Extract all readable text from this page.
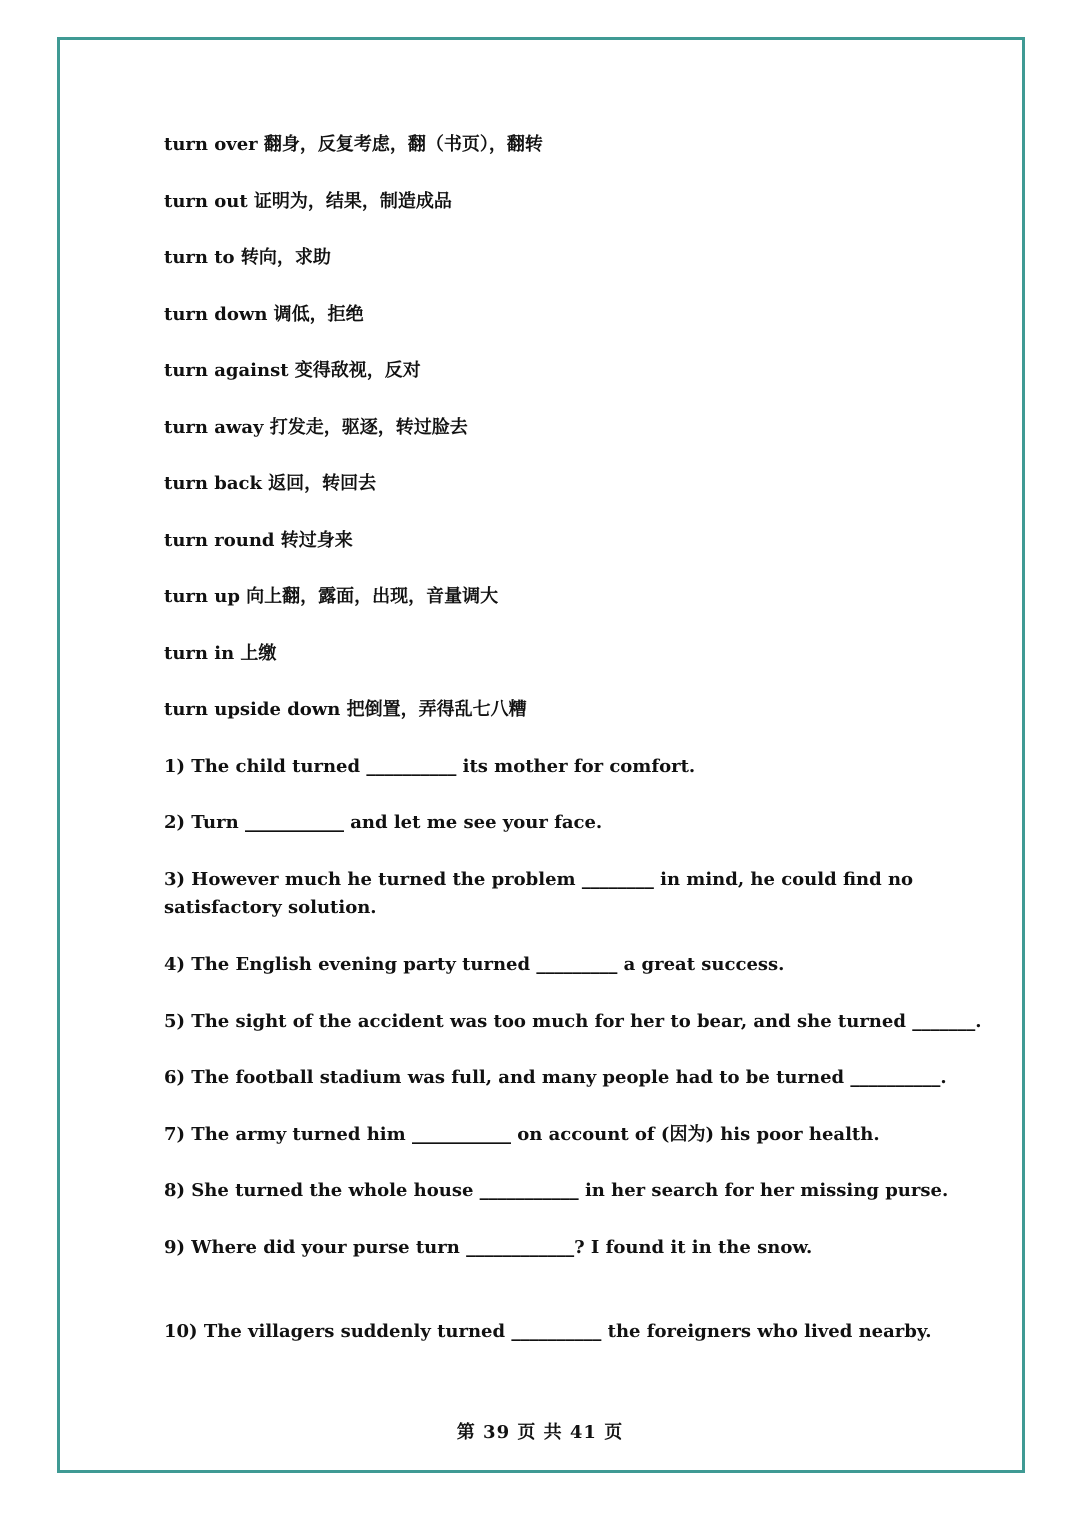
turn over 翻身，反复考虑，翻（书页），翻转
turn out 证明为，结果，制造成品
turn to 转向，求助
turn down 调低，拒绝
turn against 变得敌视，反对
turn away 打发走，驱逐，转过脸去
turn back 返回，转回去
turn round 转过身来
turn up 向上翻，露面，出现，音量调大
turn in 上缴
turn upside down 把倒置，弄得乱七八糟
1) The child turned __________ its mother for comfort.
2) Turn ___________ and let me see your face.
3) However much he turned the problem ________ in mind, he could find no satisfactory solution.
4) The English evening party turned _________ a great success.
5) The sight of the accident was too much for her to bear, and she turned _______.
6) The football stadium was full, and many people had to be turned __________.
7) The army turned him ___________ on account of (因为) his poor health.
8) She turned the whole house ___________ in her search for her missing purse.
9) Where did your purse turn ____________? I found it in the snow.
10) The villagers suddenly turned __________ the foreigners who lived nearby.
第 39 页 共 41 页
